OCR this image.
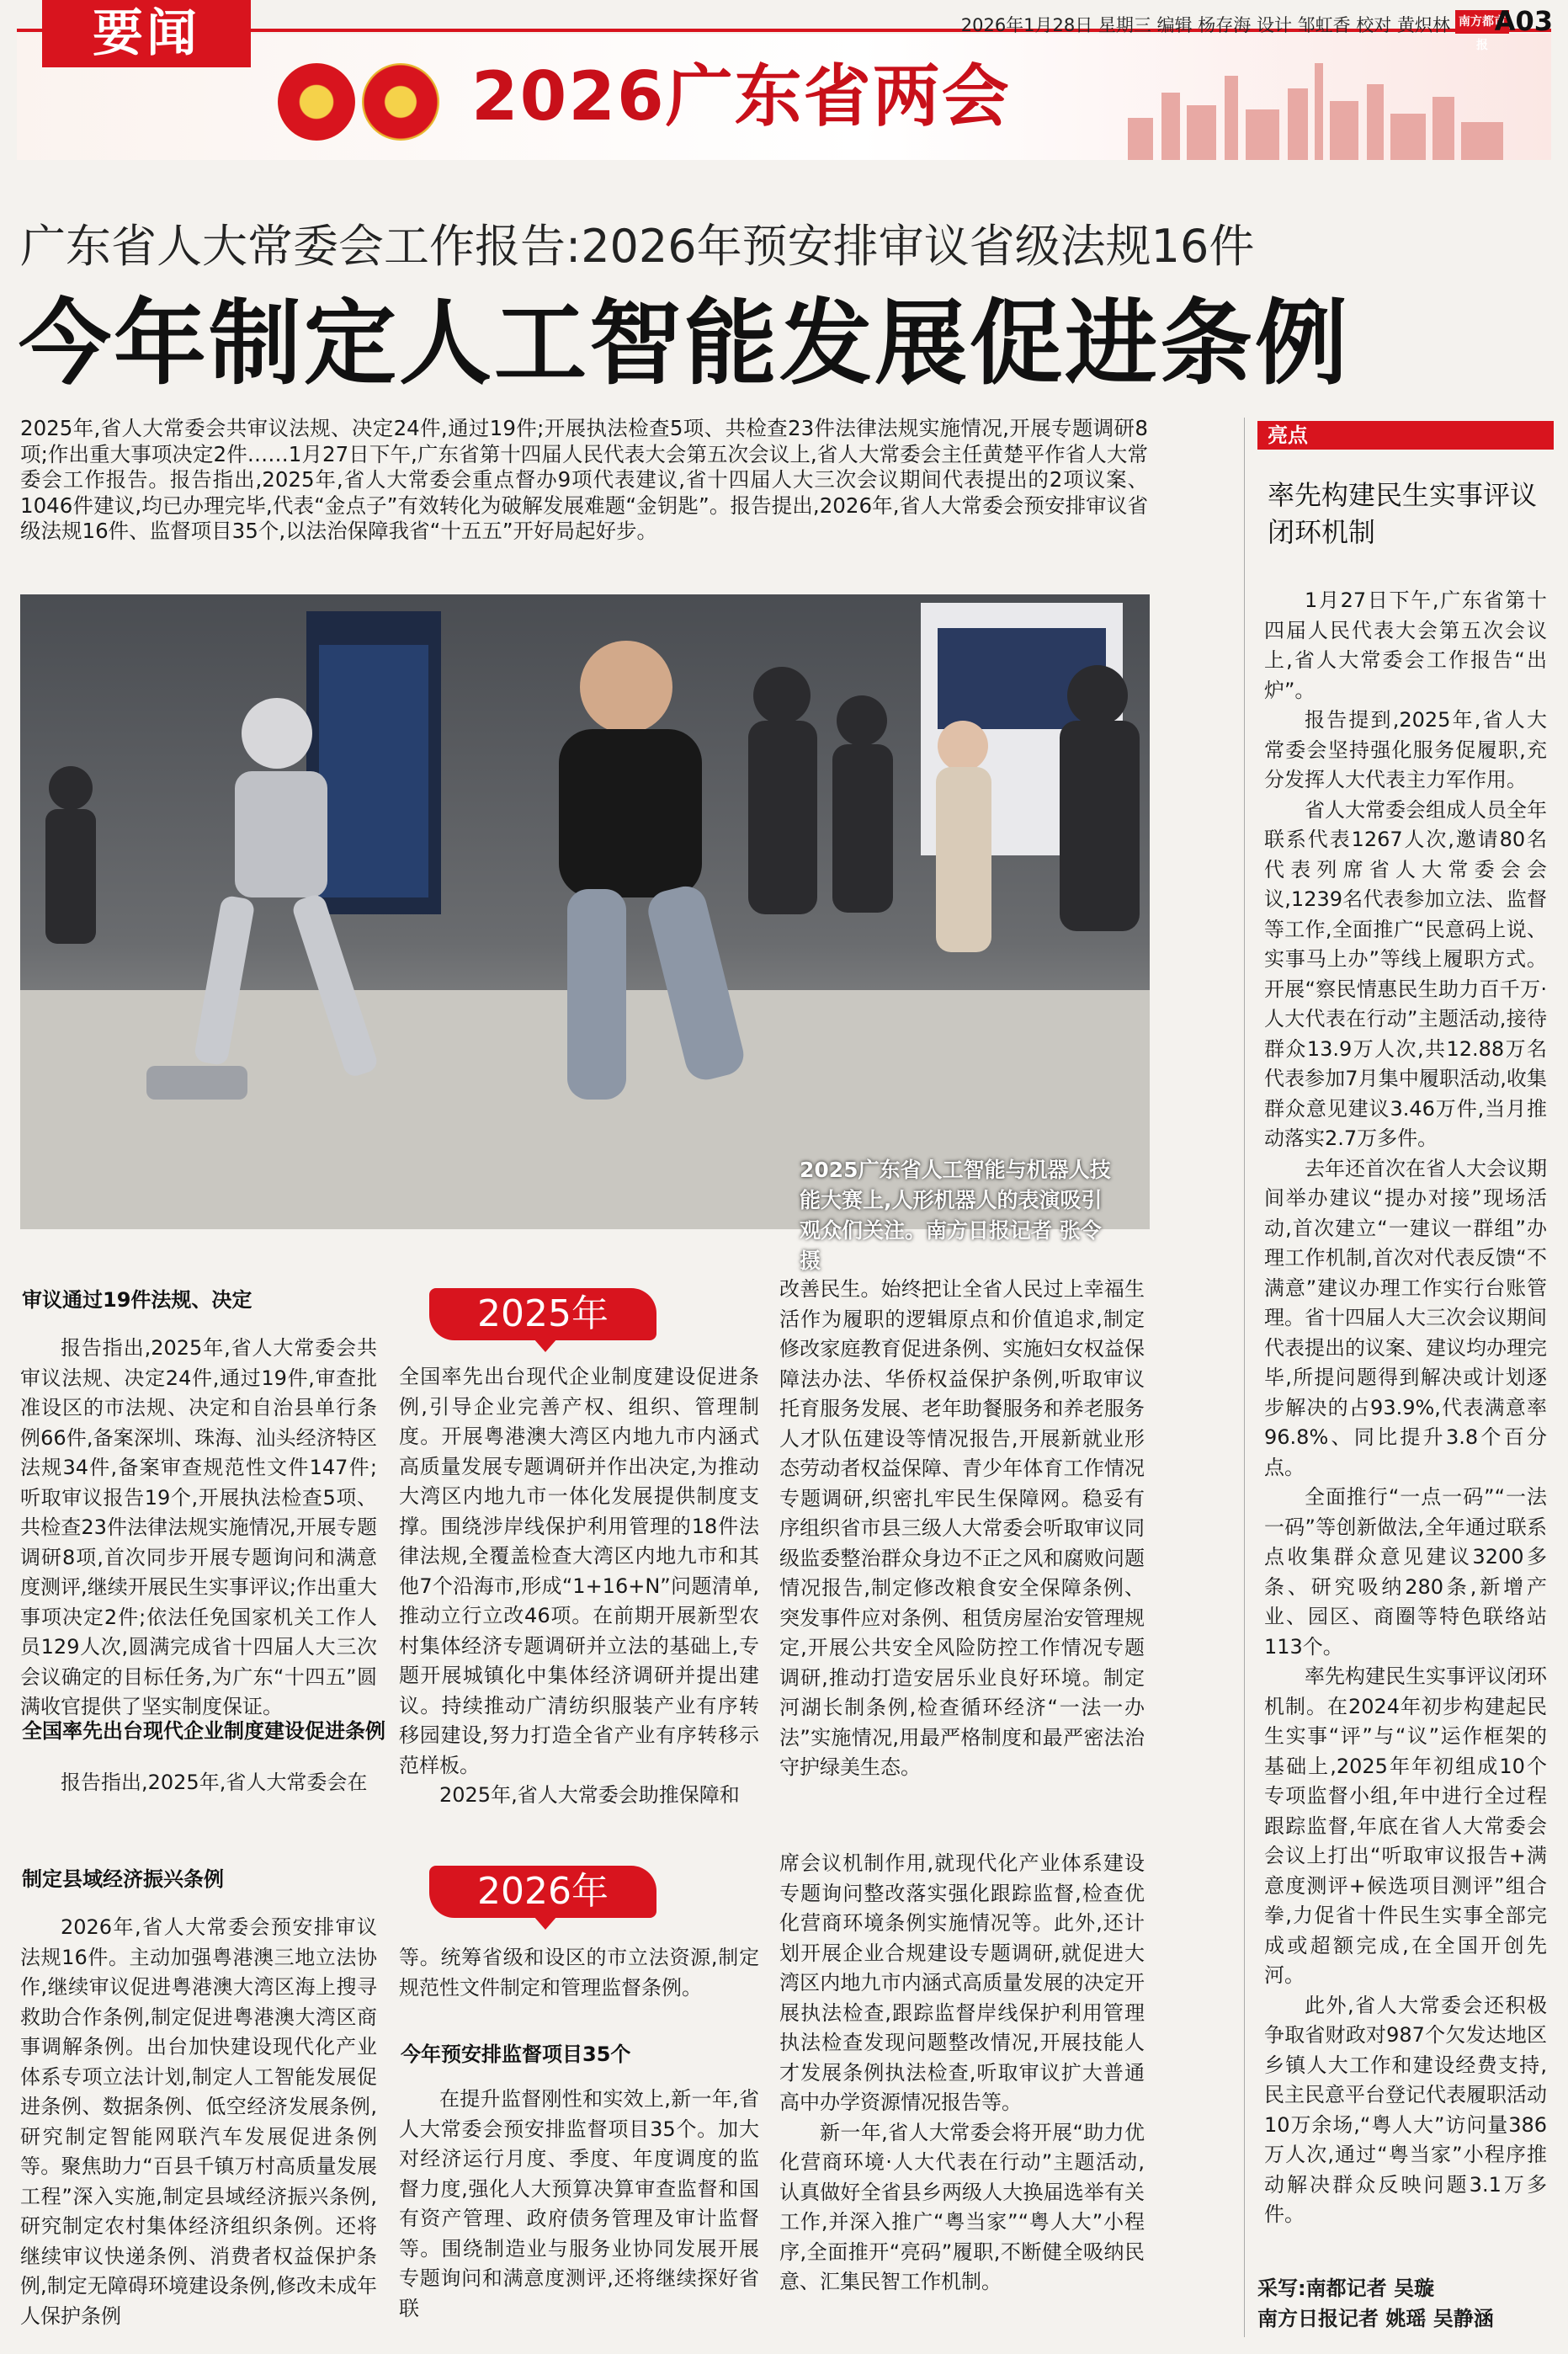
要闻	2026年1月28日 星期三 编辑 杨存海 设计 邹虹香 校对 黄炽林 南方都市报
A03
2026广东省两会
广东省人大常委会工作报告:2026年预安排审议省级法规16件
今年制定人工智能发展促进条例
2025年,省人大常委会共审议法规、决定24件,通过19件;开展执法检查5项、共检查23件法律法规实施情况,开展专题调研8项;作出重大事项决定2件……1月27日下午,广东省第十四届人民代表大会第五次会议上,省人大常委会主任黄楚平作省人大常委会工作报告。报告指出,2025年,省人大常委会重点督办9项代表建议,省十四届人大三次会议期间代表提出的2项议案、1046件建议,均已办理完毕,代表“金点子”有效转化为破解发展难题“金钥匙”。报告提出,2026年,省人大常委会预安排审议省级法规16件、监督项目35个,以法治保障我省“十五五”开好局起好步。
2025广东省人工智能与机器人技能大赛上,人形机器人的表演吸引观众们关注。南方日报记者 张令 摄
审议通过19件法规、决定

报告指出,2025年,省人大常委会共审议法规、决定24件,通过19件,审查批准设区的市法规、决定和自治县单行条例66件,备案深圳、珠海、汕头经济特区法规34件,备案审查规范性文件147件;听取审议报告19个,开展执法检查5项、共检查23件法律法规实施情况,开展专题调研8项,首次同步开展专题询问和满意度测评,继续开展民生实事评议;作出重大事项决定2件;依法任免国家机关工作人员129人次,圆满完成省十四届人大三次会议确定的目标任务,为广东“十四五”圆满收官提供了坚实制度保证。

全国率先出台现代企业制度建设促进条例

报告指出,2025年,省人大常委会在

制定县域经济振兴条例

2026年,省人大常委会预安排审议法规16件。主动加强粤港澳三地立法协作,继续审议促进粤港澳大湾区海上搜寻救助合作条例,制定促进粤港澳大湾区商事调解条例。出台加快建设现代化产业体系专项立法计划,制定人工智能发展促进条例、数据条例、低空经济发展条例,研究制定智能网联汽车发展促进条例等。聚焦助力“百县千镇万村高质量发展工程”深入实施,制定县域经济振兴条例,研究制定农村集体经济组织条例。还将继续审议快递条例、消费者权益保护条例,制定无障碍环境建设条例,修改未成年人保护条例

2025年

全国率先出台现代企业制度建设促进条例,引导企业完善产权、组织、管理制度。开展粤港澳大湾区内地九市内涵式高质量发展专题调研并作出决定,为推动大湾区内地九市一体化发展提供制度支撑。围绕涉岸线保护利用管理的18件法律法规,全覆盖检查大湾区内地九市和其他7个沿海市,形成“1+16+N”问题清单,推动立行立改46项。在前期开展新型农村集体经济专题调研并立法的基础上,专题开展城镇化中集体经济调研并提出建议。持续推动广清纺织服装产业有序转移园建设,努力打造全省产业有序转移示范样板。

2025年,省人大常委会助推保障和

2026年

等。统筹省级和设区的市立法资源,制定规范性文件制定和管理监督条例。

今年预安排监督项目35个

在提升监督刚性和实效上,新一年,省人大常委会预安排监督项目35个。加大对经济运行月度、季度、年度调度的监督力度,强化人大预算决算审查监督和国有资产管理、政府债务管理及审计监督等。围绕制造业与服务业协同发展开展专题询问和满意度测评,还将继续探好省联

改善民生。始终把让全省人民过上幸福生活作为履职的逻辑原点和价值追求,制定修改家庭教育促进条例、实施妇女权益保障法办法、华侨权益保护条例,听取审议托育服务发展、老年助餐服务和养老服务人才队伍建设等情况报告,开展新就业形态劳动者权益保障、青少年体育工作情况专题调研,织密扎牢民生保障网。稳妥有序组织省市县三级人大常委会听取审议同级监委整治群众身边不正之风和腐败问题情况报告,制定修改粮食安全保障条例、突发事件应对条例、租赁房屋治安管理规定,开展公共安全风险防控工作情况专题调研,推动打造安居乐业良好环境。制定河湖长制条例,检查循环经济“一法一办法”实施情况,用最严格制度和最严密法治守护绿美生态。

席会议机制作用,就现代化产业体系建设专题询问整改落实强化跟踪监督,检查优化营商环境条例实施情况等。此外,还计划开展企业合规建设专题调研,就促进大湾区内地九市内涵式高质量发展的决定开展执法检查,跟踪监督岸线保护利用管理执法检查发现问题整改情况,开展技能人才发展条例执法检查,听取审议扩大普通高中办学资源情况报告等。

新一年,省人大常委会将开展“助力优化营商环境·人大代表在行动”主题活动,认真做好全省县乡两级人大换届选举有关工作,并深入推广“粤当家”“粤人大”小程序,全面推开“亮码”履职,不断健全吸纳民意、汇集民智工作机制。

亮点
率先构建民生实事评议闭环机制

1月27日下午,广东省第十四届人民代表大会第五次会议上,省人大常委会工作报告“出炉”。

报告提到,2025年,省人大常委会坚持强化服务促履职,充分发挥人大代表主力军作用。

省人大常委会组成人员全年联系代表1267人次,邀请80名代表列席省人大常委会会议,1239名代表参加立法、监督等工作,全面推广“民意码上说、实事马上办”等线上履职方式。开展“察民情惠民生助力百千万·人大代表在行动”主题活动,接待群众13.9万人次,共12.88万名代表参加7月集中履职活动,收集群众意见建议3.46万件,当月推动落实2.7万多件。

去年还首次在省人大会议期间举办建议“提办对接”现场活动,首次建立“一建议一群组”办理工作机制,首次对代表反馈“不满意”建议办理工作实行台账管理。省十四届人大三次会议期间代表提出的议案、建议均办理完毕,所提问题得到解决或计划逐步解决的占93.9%,代表满意率96.8%、同比提升3.8个百分点。

全面推行“一点一码”“一法一码”等创新做法,全年通过联系点收集群众意见建议3200多条、研究吸纳280条,新增产业、园区、商圈等特色联络站113个。

率先构建民生实事评议闭环机制。在2024年初步构建起民生实事“评”与“议”运作框架的基础上,2025年年初组成10个专项监督小组,年中进行全过程跟踪监督,年底在省人大常委会会议上打出“听取审议报告+满意度测评+候选项目测评”组合拳,力促省十件民生实事全部完成或超额完成,在全国开创先河。

此外,省人大常委会还积极争取省财政对987个欠发达地区乡镇人大工作和建设经费支持,民主民意平台登记代表履职活动10万余场,“粤人大”访问量386万人次,通过“粤当家”小程序推动解决群众反映问题3.1万多件。

采写:南都记者 吴璇
南方日报记者 姚瑶 吴静涵
